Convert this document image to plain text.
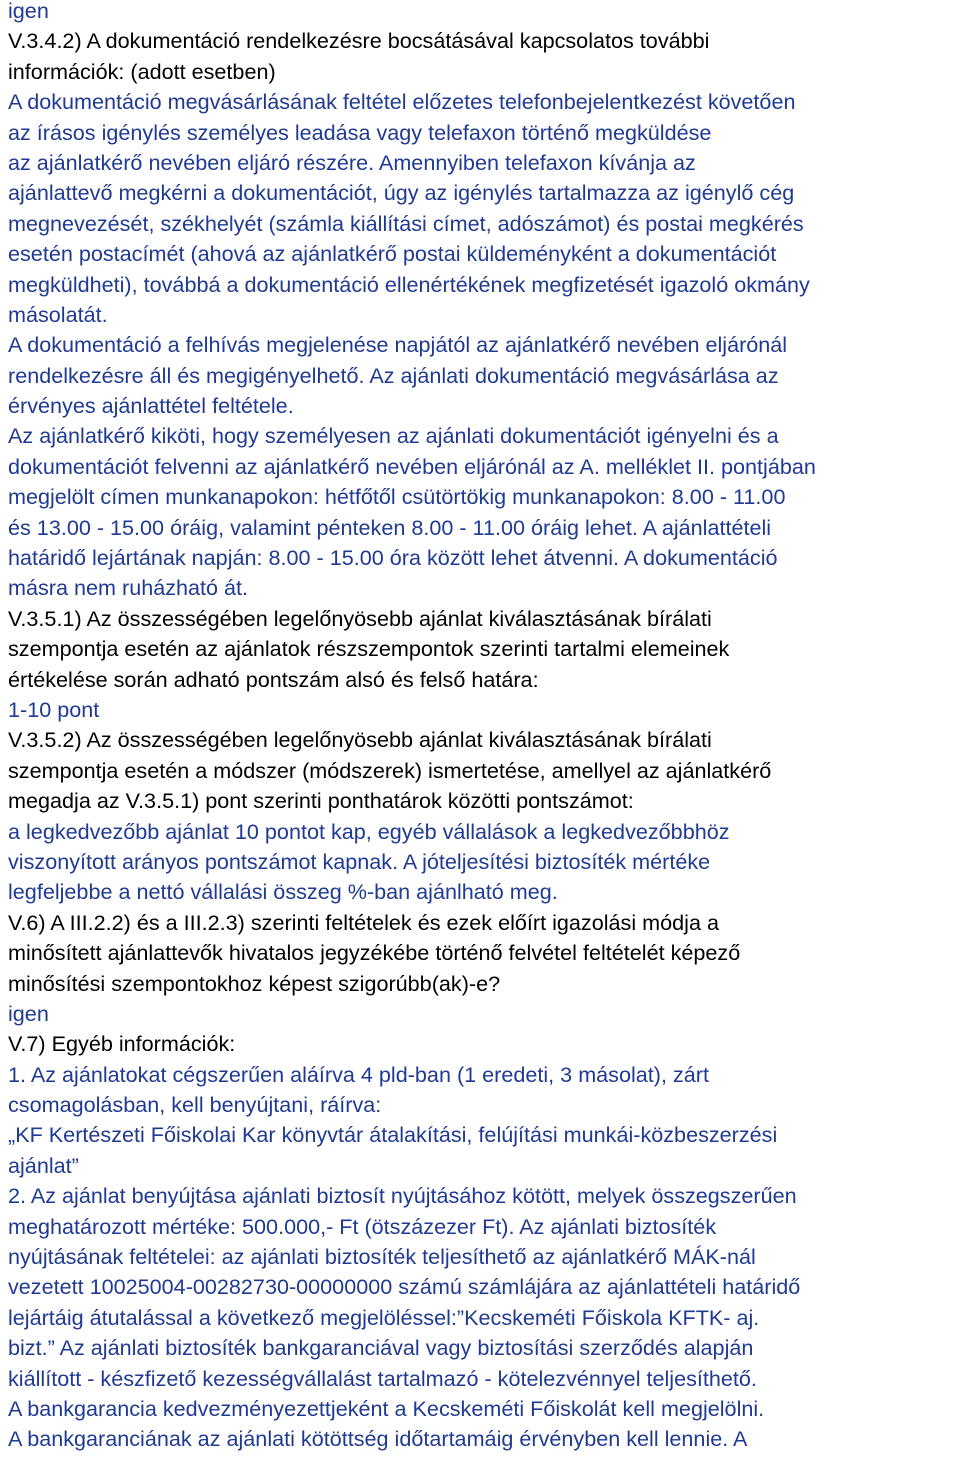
igen
V.3.4.2) A dokumentáció rendelkezésre bocsátásával kapcsolatos további
információk: (adott esetben)
A dokumentáció megvásárlásának feltétel előzetes telefonbejelentkezést követően
az írásos igénylés személyes leadása vagy telefaxon történő megküldése
az ajánlatkérő nevében eljáró részére. Amennyiben telefaxon kívánja az
ajánlattevő megkérni a dokumentációt, úgy az igénylés tartalmazza az igénylő cég
megnevezését, székhelyét (számla kiállítási címet, adószámot) és postai megkérés
esetén postacímét (ahová az ajánlatkérő postai küldeményként a dokumentációt
megküldheti), továbbá a dokumentáció ellenértékének megfizetését igazoló okmány
másolatát.
A dokumentáció a felhívás megjelenése napjától az ajánlatkérő nevében eljárónál
rendelkezésre áll és megigényelhető. Az ajánlati dokumentáció megvásárlása az
érvényes ajánlattétel feltétele.
Az ajánlatkérő kiköti, hogy személyesen az ajánlati dokumentációt igényelni és a
dokumentációt felvenni az ajánlatkérő nevében eljárónál az A. melléklet II. pontjában
megjelölt címen munkanapokon: hétfőtől csütörtökig munkanapokon: 8.00 - 11.00
és 13.00 - 15.00 óráig, valamint pénteken 8.00 - 11.00 óráig lehet. A ajánlattételi
határidő lejártának napján: 8.00 - 15.00 óra között lehet átvenni. A dokumentáció
másra nem ruházható át.
V.3.5.1) Az összességében legelőnyösebb ajánlat kiválasztásának bírálati
szempontja esetén az ajánlatok részszempontok szerinti tartalmi elemeinek
értékelése során adható pontszám alsó és felső határa:
1-10 pont
V.3.5.2) Az összességében legelőnyösebb ajánlat kiválasztásának bírálati
szempontja esetén a módszer (módszerek) ismertetése, amellyel az ajánlatkérő
megadja az V.3.5.1) pont szerinti ponthatárok közötti pontszámot:
a legkedvezőbb ajánlat 10 pontot kap, egyéb vállalások a legkedvezőbbhöz
viszonyított arányos pontszámot kapnak. A jóteljesítési biztosíték mértéke
legfeljebbe a nettó vállalási összeg %-ban ajánlható meg.
V.6) A III.2.2) és a III.2.3) szerinti feltételek és ezek előírt igazolási módja a
minősített ajánlattevők hivatalos jegyzékébe történő felvétel feltételét képező
minősítési szempontokhoz képest szigorúbb(ak)-e?
igen
V.7) Egyéb információk:
1. Az ajánlatokat cégszerűen aláírva 4 pld-ban (1 eredeti, 3 másolat), zárt
csomagolásban, kell benyújtani, ráírva:
„KF Kertészeti Főiskolai Kar könyvtár átalakítási, felújítási munkái-közbeszerzési
ajánlat”
2. Az ajánlat benyújtása ajánlati biztosít nyújtásához kötött, melyek összegszerűen
meghatározott mértéke: 500.000,- Ft (ötszázezer Ft). Az ajánlati biztosíték
nyújtásának feltételei: az ajánlati biztosíték teljesíthető az ajánlatkérő MÁK-nál
vezetett 10025004-00282730-00000000 számú számlájára az ajánlattételi határidő
lejártáig átutalással a következő megjelöléssel:”Kecskeméti Főiskola KFTK- aj.
bizt.” Az ajánlati biztosíték bankgaranciával vagy biztosítási szerződés alapján
kiállított - készfizető kezességvállalást tartalmazó - kötelezvénnyel teljesíthető.
A bankgarancia kedvezményezettjeként a Kecskeméti Főiskolát kell megjelölni.
A bankgaranciának az ajánlati kötöttség időtartamáig érvényben kell lennie. A
